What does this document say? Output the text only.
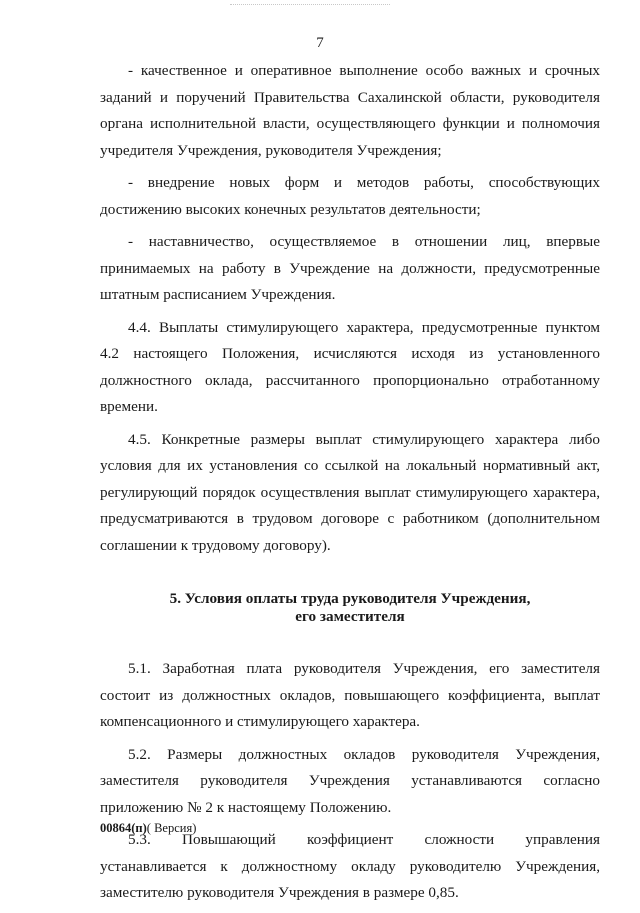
7

- качественное и оперативное выполнение особо важных и срочных заданий и поручений Правительства Сахалинской области, руководителя органа исполнительной власти, осуществляющего функции и полномочия учредителя Учреждения, руководителя Учреждения;

- внедрение новых форм и методов работы, способствующих достижению высоких конечных результатов деятельности;

- наставничество, осуществляемое в отношении лиц, впервые принимаемых на работу в Учреждение на должности, предусмотренные штатным расписанием Учреждения.

4.4. Выплаты стимулирующего характера, предусмотренные пунктом 4.2 настоящего Положения, исчисляются исходя из установленного должностного оклада, рассчитанного пропорционально отработанному времени.

4.5. Конкретные размеры выплат стимулирующего характера либо условия для их установления со ссылкой на локальный нормативный акт, регулирующий порядок осуществления выплат стимулирующего характера, предусматриваются в трудовом договоре с работником (дополнительном соглашении к трудовому договору).

5. Условия оплаты труда руководителя Учреждения,
его заместителя

5.1. Заработная плата руководителя Учреждения, его заместителя состоит из должностных окладов, повышающего коэффициента, выплат компенсационного и стимулирующего характера.

5.2. Размеры должностных окладов руководителя Учреждения, заместителя руководителя Учреждения устанавливаются согласно приложению № 2 к настоящему Положению.

5.3. Повышающий коэффициент сложности управления устанавливается к должностному окладу руководителю Учреждения, заместителю руководителя Учреждения в размере 0,85.

00864(п)( Версия)
